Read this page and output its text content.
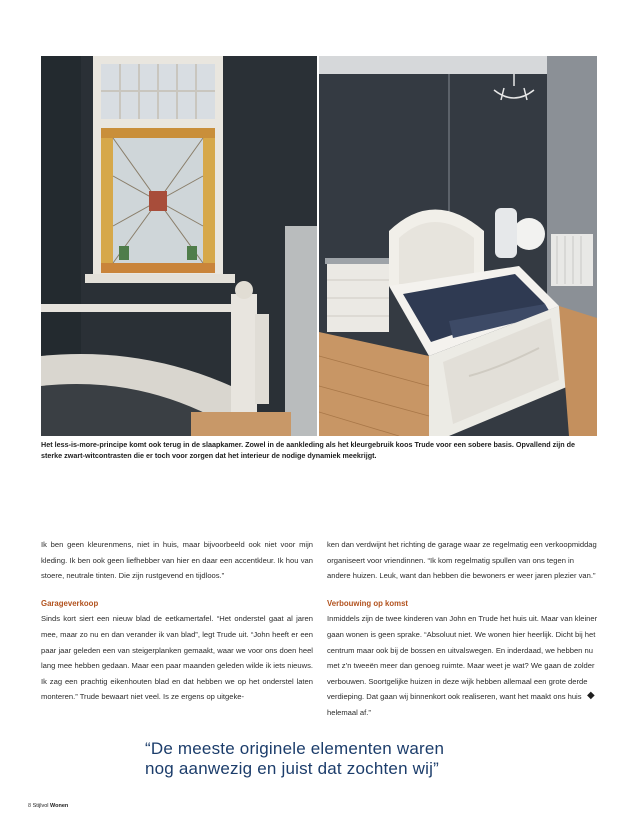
Het less-is-more-principe komt ook terug in de slaapkamer. Zowel in de aankleding als het kleurgebruik koos Trude voor een sobere basis. Opvallend zijn de sterke zwart-witcontrasten die er toch voor zorgen dat het interieur de nodige dynamiek meekrijgt.

Ik ben geen kleurenmens, niet in huis, maar bijvoorbeeld ook niet voor mijn kleding. Ik ben ook geen liefhebber van hier en daar een accentkleur. Ik hou van stoere, neutrale tinten. Die zijn rustgevend en tijdloos.”

Garageverkoop

Sinds kort siert een nieuw blad de eetkamertafel. “Het onderstel gaat al jaren mee, maar zo nu en dan verander ik van blad”, legt Trude uit. “John heeft er een paar jaar geleden een van steigerplanken gemaakt, waar we voor ons doen heel lang mee hebben gedaan. Maar een paar maanden geleden wilde ik iets nieuws. Ik zag een prachtig eikenhouten blad en dat hebben we op het onderstel laten monteren.” Trude bewaart niet veel. Is ze ergens op uitgeke-

ken dan verdwijnt het richting de garage waar ze regelmatig een verkoopmiddag organiseert voor vriendinnen. “Ik kom regelmatig spullen van ons tegen in andere huizen. Leuk, want dan hebben die bewoners er weer jaren plezier van.”

Verbouwing op komst

Inmiddels zijn de twee kinderen van John en Trude het huis uit. Maar van kleiner gaan wonen is geen sprake. “Absoluut niet. We wonen hier heerlijk. Dicht bij het centrum maar ook bij de bossen en uitvalswegen. En inderdaad, we hebben nu met z’n tweeën meer dan genoeg ruimte. Maar weet je wat? We gaan de zolder verbouwen. Soortgelijke huizen in deze wijk hebben allemaal een grote derde verdieping. Dat gaan wij binnenkort ook realiseren, want het maakt ons huis helemaal af.”

◆
“De meeste originele elementen waren
nog aanwezig en juist dat zochten wij”
8 Stijlvol Wonen
